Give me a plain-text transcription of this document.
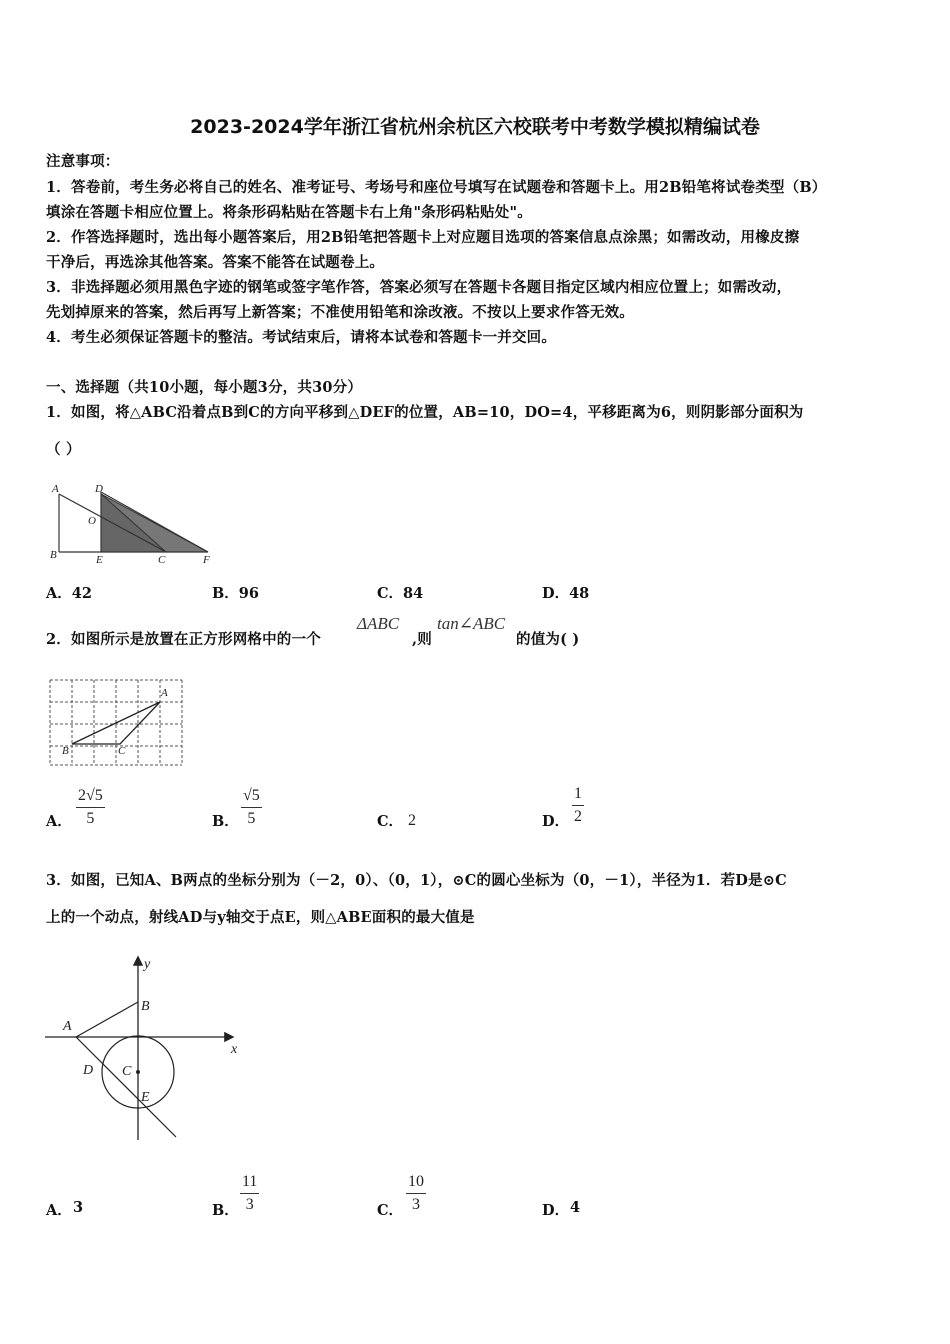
2023-2024学年浙江省杭州余杭区六校联考中考数学模拟精编试卷
注意事项：
1．答卷前，考生务必将自己的姓名、准考证号、考场号和座位号填写在试题卷和答题卡上。用2B铅笔将试卷类型（B）
填涂在答题卡相应位置上。将条形码粘贴在答题卡右上角"条形码粘贴处"。
2．作答选择题时，选出每小题答案后，用2B铅笔把答题卡上对应题目选项的答案信息点涂黑；如需改动，用橡皮擦
干净后，再选涂其他答案。答案不能答在试题卷上。
3．非选择题必须用黑色字迹的钢笔或签字笔作答，答案必须写在答题卡各题目指定区域内相应位置上；如需改动，
先划掉原来的答案，然后再写上新答案；不准使用铅笔和涂改液。不按以上要求作答无效。
4．考生必须保证答题卡的整洁。考试结束后，请将本试卷和答题卡一并交回。
一、选择题（共10小题，每小题3分，共30分）
1．如图，将△ABC沿着点B到C的方向平移到△DEF的位置，AB=10，DO=4，平移距离为6，则阴影部分面积为
（ ）
A
B
D
O
E	C	F
A．42	B．96	C．84	D．48
2．如图所示是放置在正方形网格中的一个
ΔABC
,则
tan∠ABC
的值为( )
A
B	C
A． $\frac{2√5}{5}$	B． $\frac{√5}{5}$	C． 2	D． $\frac{1}{2}$
3．如图，已知A、B两点的坐标分别为（－2，0）、（0，1），⊙C的圆心坐标为（0，－1），半径为1．若D是⊙C
上的一个动点，射线AD与y轴交于点E，则△ABE面积的最大值是
y
x
A
B
C
D
E
A． 3	B． $\frac{11}{3}$	C． $\frac{10}{3}$	D． 4
